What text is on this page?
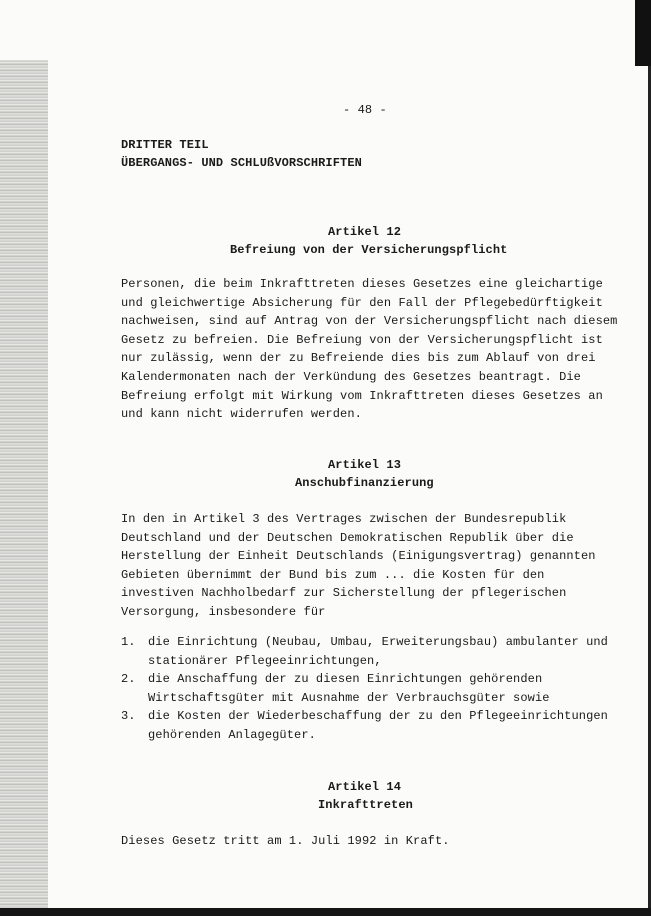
- 48 -
DRITTER TEIL
ÜBERGANGS- UND SCHLUßVORSCHRIFTEN
Artikel 12
Befreiung von der Versicherungspflicht
Personen, die beim Inkrafttreten dieses Gesetzes eine gleichartige
und gleichwertige Absicherung für den Fall der Pflegebedürftigkeit
nachweisen, sind auf Antrag von der Versicherungspflicht nach diesem
Gesetz zu befreien. Die Befreiung von der Versicherungspflicht ist
nur zulässig, wenn der zu Befreiende dies bis zum Ablauf von drei
Kalendermonaten nach der Verkündung des Gesetzes beantragt. Die
Befreiung erfolgt mit Wirkung vom Inkrafttreten dieses Gesetzes an
und kann nicht widerrufen werden.
Artikel 13
Anschubfinanzierung
In den in Artikel 3 des Vertrages zwischen der Bundesrepublik
Deutschland und der Deutschen Demokratischen Republik über die
Herstellung der Einheit Deutschlands (Einigungsvertrag) genannten
Gebieten übernimmt der Bund bis zum ... die Kosten für den
investiven Nachholbedarf zur Sicherstellung der pflegerischen
Versorgung, insbesondere für
1. die Einrichtung (Neubau, Umbau, Erweiterungsbau) ambulanter und
stationärer Pflegeeinrichtungen,
2. die Anschaffung der zu diesen Einrichtungen gehörenden
Wirtschaftsgüter mit Ausnahme der Verbrauchsgüter sowie
3. die Kosten der Wiederbeschaffung der zu den Pflegeeinrichtungen
gehörenden Anlagegüter.
Artikel 14
Inkrafttreten
Dieses Gesetz tritt am 1. Juli 1992 in Kraft.
